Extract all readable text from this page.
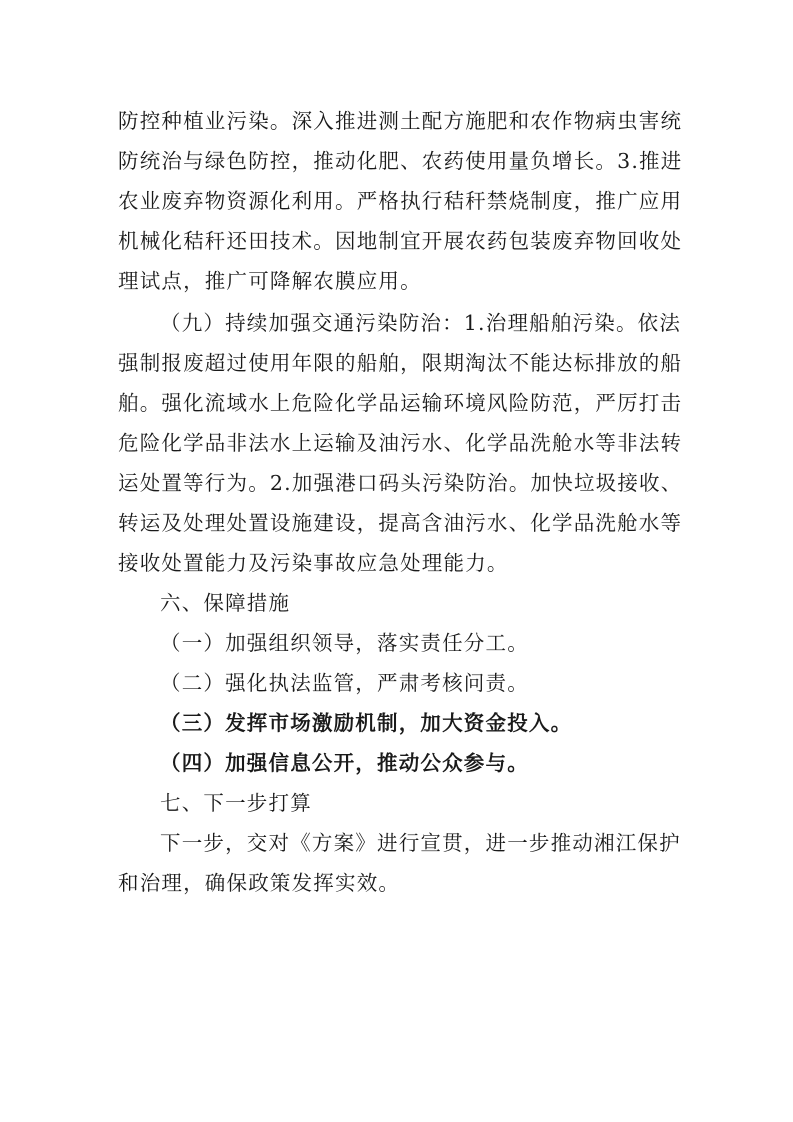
防控种植业污染。深入推进测土配方施肥和农作物病虫害统
防统治与绿色防控，推动化肥、农药使用量负增长。3.推进
农业废弃物资源化利用。严格执行秸秆禁烧制度，推广应用
机械化秸秆还田技术。因地制宜开展农药包装废弃物回收处
理试点，推广可降解农膜应用。

（九）持续加强交通污染防治：1.治理船舶污染。依法
强制报废超过使用年限的船舶，限期淘汰不能达标排放的船
舶。强化流域水上危险化学品运输环境风险防范，严厉打击
危险化学品非法水上运输及油污水、化学品洗舱水等非法转
运处置等行为。2.加强港口码头污染防治。加快垃圾接收、
转运及处理处置设施建设，提高含油污水、化学品洗舱水等
接收处置能力及污染事故应急处理能力。

六、保障措施

（一）加强组织领导，落实责任分工。
（二）强化执法监管，严肃考核问责。
（三）发挥市场激励机制，加大资金投入。
（四）加强信息公开，推动公众参与。

七、下一步打算

下一步，交对《方案》进行宣贯，进一步推动湘江保护
和治理，确保政策发挥实效。
